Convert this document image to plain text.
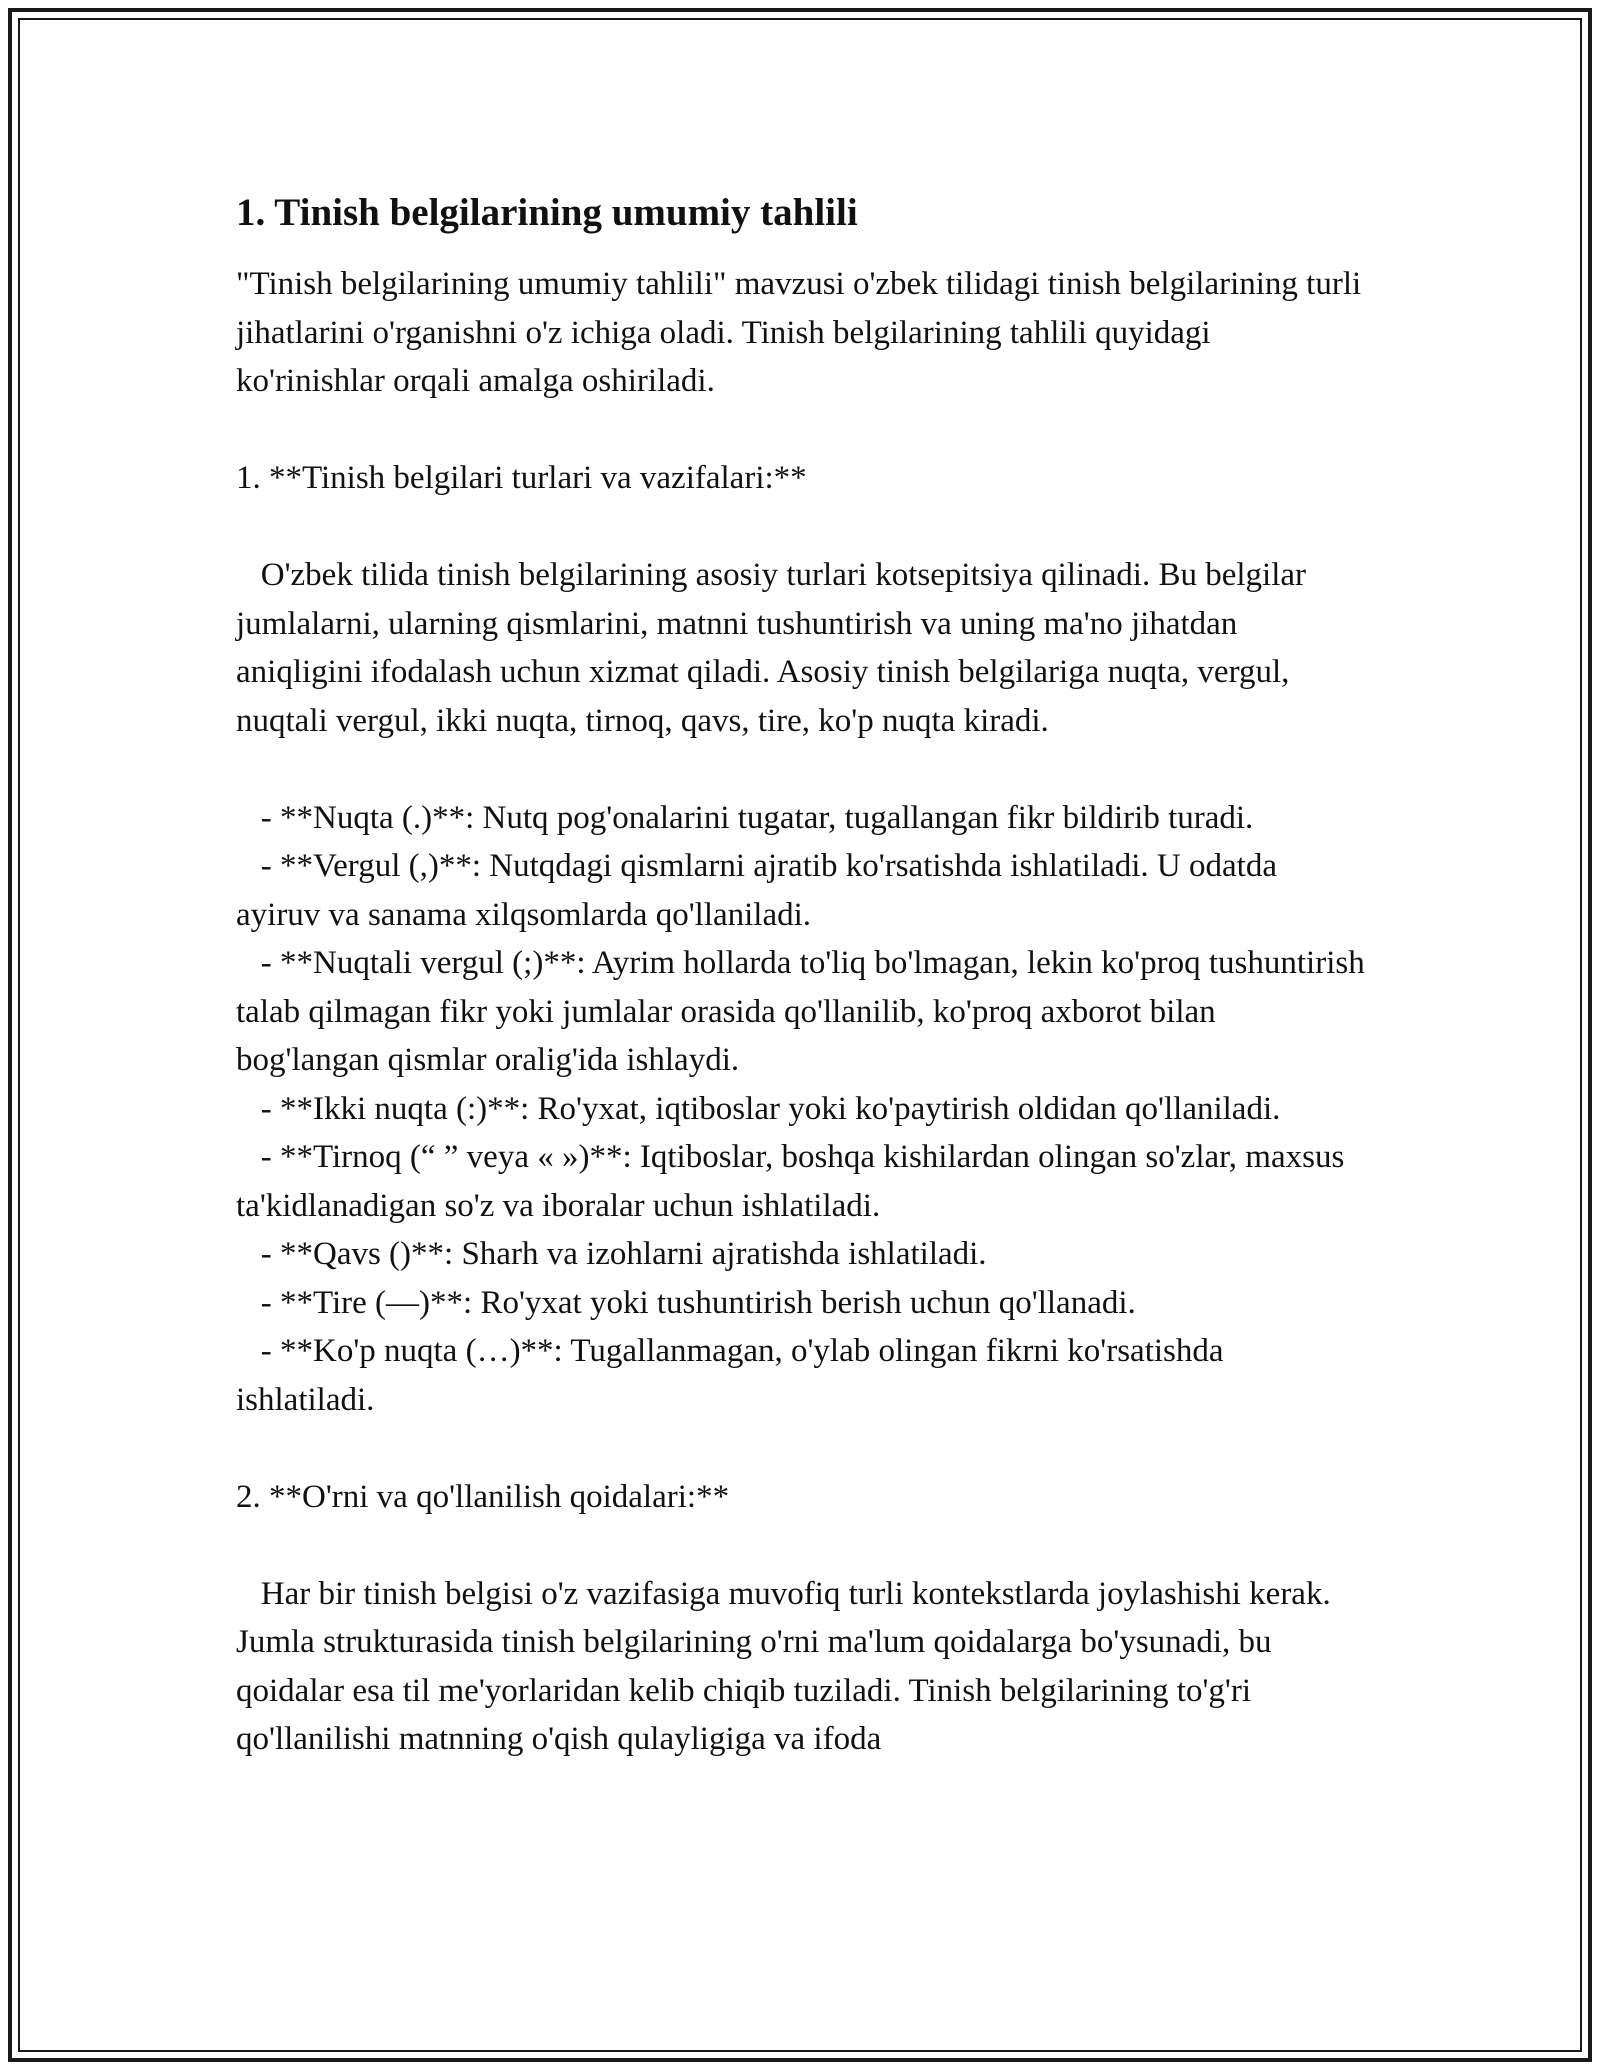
1. Tinish belgilarining umumiy tahlili

"Tinish belgilarining umumiy tahlili" mavzusi o'zbek tilidagi tinish belgilarining turli jihatlarini o'rganishni o'z ichiga oladi. Tinish belgilarining tahlili quyidagi ko'rinishlar orqali amalga oshiriladi.

1. **Tinish belgilari turlari va vazifalari:**

O'zbek tilida tinish belgilarining asosiy turlari kotsepitsiya qilinadi. Bu belgilar jumlalarni, ularning qismlarini, matnni tushuntirish va uning ma'no jihatdan aniqligini ifodalash uchun xizmat qiladi. Asosiy tinish belgilariga nuqta, vergul, nuqtali vergul, ikki nuqta, tirnoq, qavs, tire, ko'p nuqta kiradi.

- **Nuqta (.)**: Nutq pog'onalarini tugatar, tugallangan fikr bildirib turadi.

- **Vergul (,)**: Nutqdagi qismlarni ajratib ko'rsatishda ishlatiladi. U odatda ayiruv va sanama xilqsomlarda qo'llaniladi.

- **Nuqtali vergul (;)**: Ayrim hollarda to'liq bo'lmagan, lekin ko'proq tushuntirish talab qilmagan fikr yoki jumlalar orasida qo'llanilib, ko'proq axborot bilan bog'langan qismlar oralig'ida ishlaydi.

- **Ikki nuqta (:)**: Ro'yxat, iqtiboslar yoki ko'paytirish oldidan qo'llaniladi.

- **Tirnoq (“ ” veya « »)**: Iqtiboslar, boshqa kishilardan olingan so'zlar, maxsus ta'kidlanadigan so'z va iboralar uchun ishlatiladi.

- **Qavs ()**: Sharh va izohlarni ajratishda ishlatiladi.

- **Tire (—)**: Ro'yxat yoki tushuntirish berish uchun qo'llanadi.

- **Ko'p nuqta (…)**: Tugallanmagan, o'ylab olingan fikrni ko'rsatishda ishlatiladi.

2. **O'rni va qo'llanilish qoidalari:**

Har bir tinish belgisi o'z vazifasiga muvofiq turli kontekstlarda joylashishi kerak. Jumla strukturasida tinish belgilarining o'rni ma'lum qoidalarga bo'ysunadi, bu qoidalar esa til me'yorlaridan kelib chiqib tuziladi. Tinish belgilarining to'g'ri qo'llanilishi matnning o'qish qulayligiga va ifoda
